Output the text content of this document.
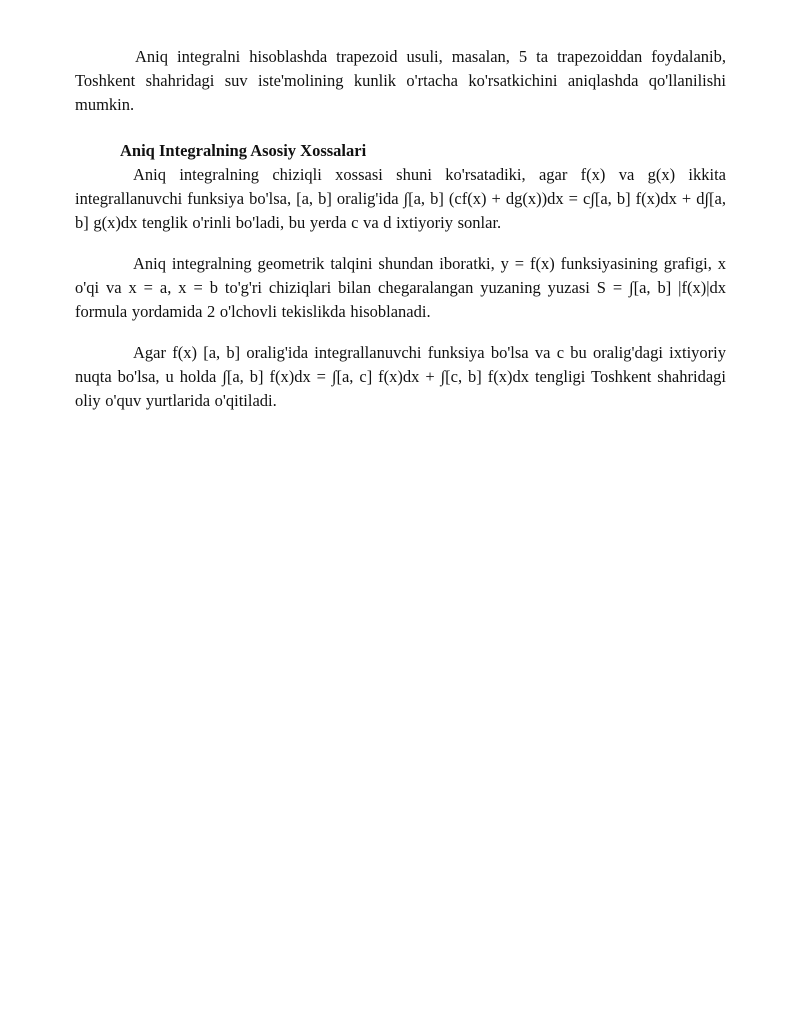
Aniq integralni hisoblashda trapezoid usuli, masalan, 5 ta trapezoiddan foydalanib, Toshkent shahridagi suv iste'molining kunlik o'rtacha ko'rsatkichini aniqlashda qo'llanilishi mumkin.

Aniq Integralning Asosiy Xossalari

Aniq integralning chiziqli xossasi shuni ko'rsatadiki, agar f(x) va g(x) ikkita integrallanuvchi funksiya bo'lsa, [a, b] oralig'ida ∫[a, b] (cf(x) + dg(x))dx = c∫[a, b] f(x)dx + d∫[a, b] g(x)dx tenglik o'rinli bo'ladi, bu yerda c va d ixtiyoriy sonlar.

Aniq integralning geometrik talqini shundan iboratki, y = f(x) funksiyasining grafigi, x o'qi va x = a, x = b to'g'ri chiziqlari bilan chegaralangan yuzaning yuzasi S = ∫[a, b] |f(x)|dx formula yordamida 2 o'lchovli tekislikda hisoblanadi.

Agar f(x) [a, b] oralig'ida integrallanuvchi funksiya bo'lsa va c bu oralig'dagi ixtiyoriy nuqta bo'lsa, u holda ∫[a, b] f(x)dx = ∫[a, c] f(x)dx + ∫[c, b] f(x)dx tengligi Toshkent shahridagi oliy o'quv yurtlarida o'qitiladi.
